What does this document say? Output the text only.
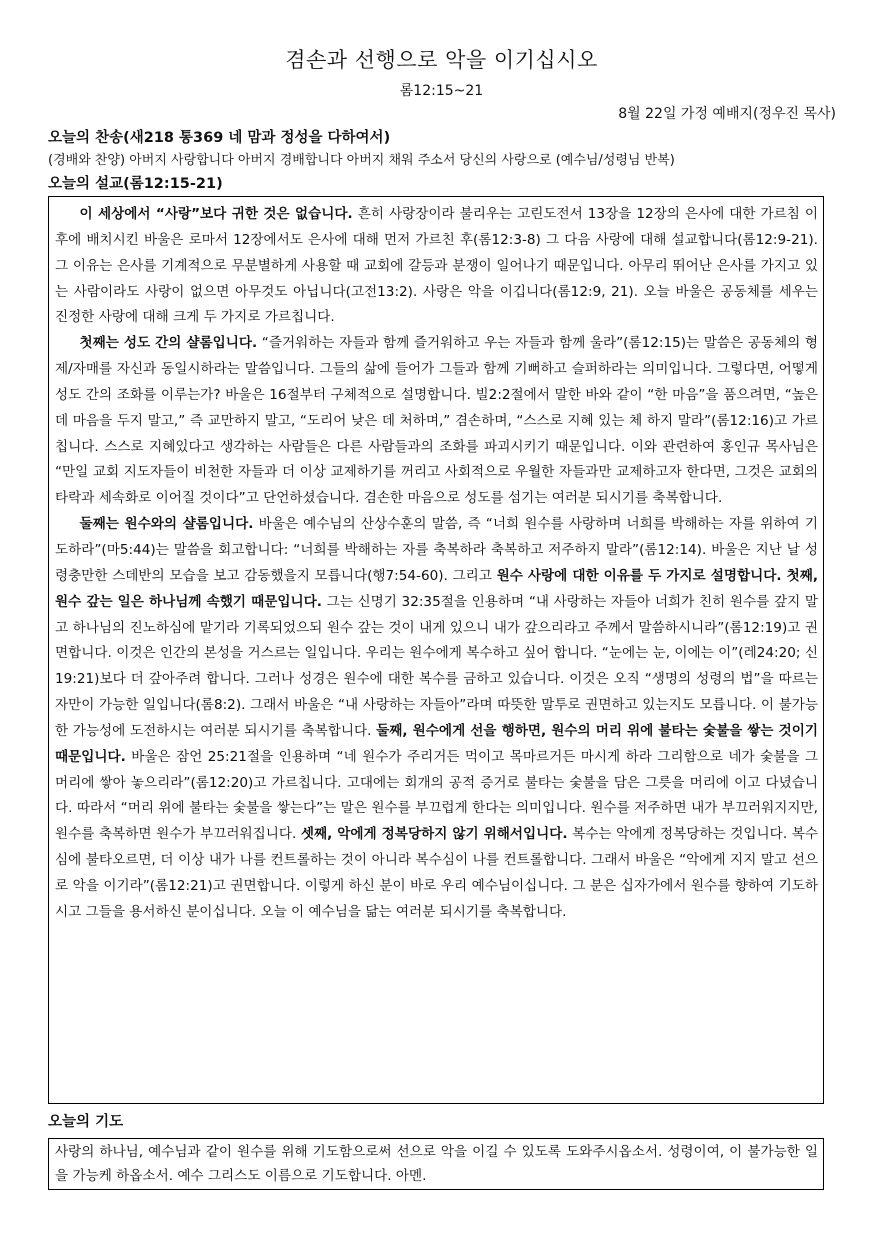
겸손과 선행으로 악을 이기십시오
롬12:15~21
8월 22일 가정 예배지(정우진 목사)
오늘의 찬송(새218 통369 네 맘과 정성을 다하여서)
(경배와 찬양) 아버지 사랑합니다 아버지 경배합니다 아버지 채워 주소서 당신의 사랑으로 (예수님/성령님 반복)
오늘의 설교(롬12:15-21)

이 세상에서 “사랑”보다 귀한 것은 없습니다. 흔히 사랑장이라 불리우는 고린도전서 13장을 12장의 은사에 대한 가르침 이후에 배치시킨 바울은 로마서 12장에서도 은사에 대해 먼저 가르친 후(롬12:3-8) 그 다음 사랑에 대해 설교합니다(롬12:9-21). 그 이유는 은사를 기계적으로 무분별하게 사용할 때 교회에 갈등과 분쟁이 일어나기 때문입니다. 아무리 뛰어난 은사를 가지고 있는 사람이라도 사랑이 없으면 아무것도 아닙니다(고전13:2). 사랑은 악을 이깁니다(롬12:9, 21). 오늘 바울은 공동체를 세우는 진정한 사랑에 대해 크게 두 가지로 가르칩니다.

첫째는 성도 간의 샬롬입니다. “즐거워하는 자들과 함께 즐거워하고 우는 자들과 함께 울라”(롬12:15)는 말씀은 공동체의 형제/자매를 자신과 동일시하라는 말씀입니다. 그들의 삶에 들어가 그들과 함께 기뻐하고 슬퍼하라는 의미입니다. 그렇다면, 어떻게 성도 간의 조화를 이루는가? 바울은 16절부터 구체적으로 설명합니다. 빌2:2절에서 말한 바와 같이 “한 마음”을 품으려면, “높은 데 마음을 두지 말고,” 즉 교만하지 말고, “도리어 낮은 데 처하며,” 겸손하며, “스스로 지혜 있는 체 하지 말라”(롬12:16)고 가르칩니다. 스스로 지혜있다고 생각하는 사람들은 다른 사람들과의 조화를 파괴시키기 때문입니다. 이와 관련하여 홍인규 목사님은 “만일 교회 지도자들이 비천한 자들과 더 이상 교제하기를 꺼리고 사회적으로 우월한 자들과만 교제하고자 한다면, 그것은 교회의 타락과 세속화로 이어질 것이다”고 단언하셨습니다. 겸손한 마음으로 성도를 섬기는 여러분 되시기를 축복합니다.

둘째는 원수와의 샬롬입니다. 바울은 예수님의 산상수훈의 말씀, 즉 “너희 원수를 사랑하며 너희를 박해하는 자를 위하여 기도하라”(마5:44)는 말씀을 회고합니다: “너희를 박해하는 자를 축복하라 축복하고 저주하지 말라”(롬12:14). 바울은 지난 날 성령충만한 스데반의 모습을 보고 감동했을지 모릅니다(행7:54-60). 그리고 원수 사랑에 대한 이유를 두 가지로 설명합니다. 첫째, 원수 갚는 일은 하나님께 속했기 때문입니다. 그는 신명기 32:35절을 인용하며 “내 사랑하는 자들아 너희가 친히 원수를 갚지 말고 하나님의 진노하심에 맡기라 기록되었으되 원수 갚는 것이 내게 있으니 내가 갚으리라고 주께서 말씀하시니라”(롬12:19)고 권면합니다. 이것은 인간의 본성을 거스르는 일입니다. 우리는 원수에게 복수하고 싶어 합니다. “눈에는 눈, 이에는 이”(레24:20; 신19:21)보다 더 갚아주려 합니다. 그러나 성경은 원수에 대한 복수를 금하고 있습니다. 이것은 오직 “생명의 성령의 법”을 따르는 자만이 가능한 일입니다(롬8:2). 그래서 바울은 “내 사랑하는 자들아”라며 따뜻한 말투로 권면하고 있는지도 모릅니다. 이 불가능한 가능성에 도전하시는 여러분 되시기를 축복합니다. 둘째, 원수에게 선을 행하면, 원수의 머리 위에 불타는 숯불을 쌓는 것이기 때문입니다. 바울은 잠언 25:21절을 인용하며 “네 원수가 주리거든 먹이고 목마르거든 마시게 하라 그리함으로 네가 숯불을 그 머리에 쌓아 놓으리라”(롬12:20)고 가르칩니다. 고대에는 회개의 공적 증거로 불타는 숯불을 담은 그릇을 머리에 이고 다녔습니다. 따라서 “머리 위에 불타는 숯불을 쌓는다”는 말은 원수를 부끄럽게 한다는 의미입니다. 원수를 저주하면 내가 부끄러워지지만, 원수를 축복하면 원수가 부끄러워집니다. 셋째, 악에게 정복당하지 않기 위해서입니다. 복수는 악에게 정복당하는 것입니다. 복수심에 불타오르면, 더 이상 내가 나를 컨트롤하는 것이 아니라 복수심이 나를 컨트롤합니다. 그래서 바울은 “악에게 지지 말고 선으로 악을 이기라”(롬12:21)고 권면합니다. 이렇게 하신 분이 바로 우리 예수님이십니다. 그 분은 십자가에서 원수를 향하여 기도하시고 그들을 용서하신 분이십니다. 오늘 이 예수님을 닮는 여러분 되시기를 축복합니다.

오늘의 기도
사랑의 하나님, 예수님과 같이 원수를 위해 기도함으로써 선으로 악을 이길 수 있도록 도와주시옵소서. 성령이여, 이 불가능한 일을 가능케 하옵소서. 예수 그리스도 이름으로 기도합니다. 아멘.
